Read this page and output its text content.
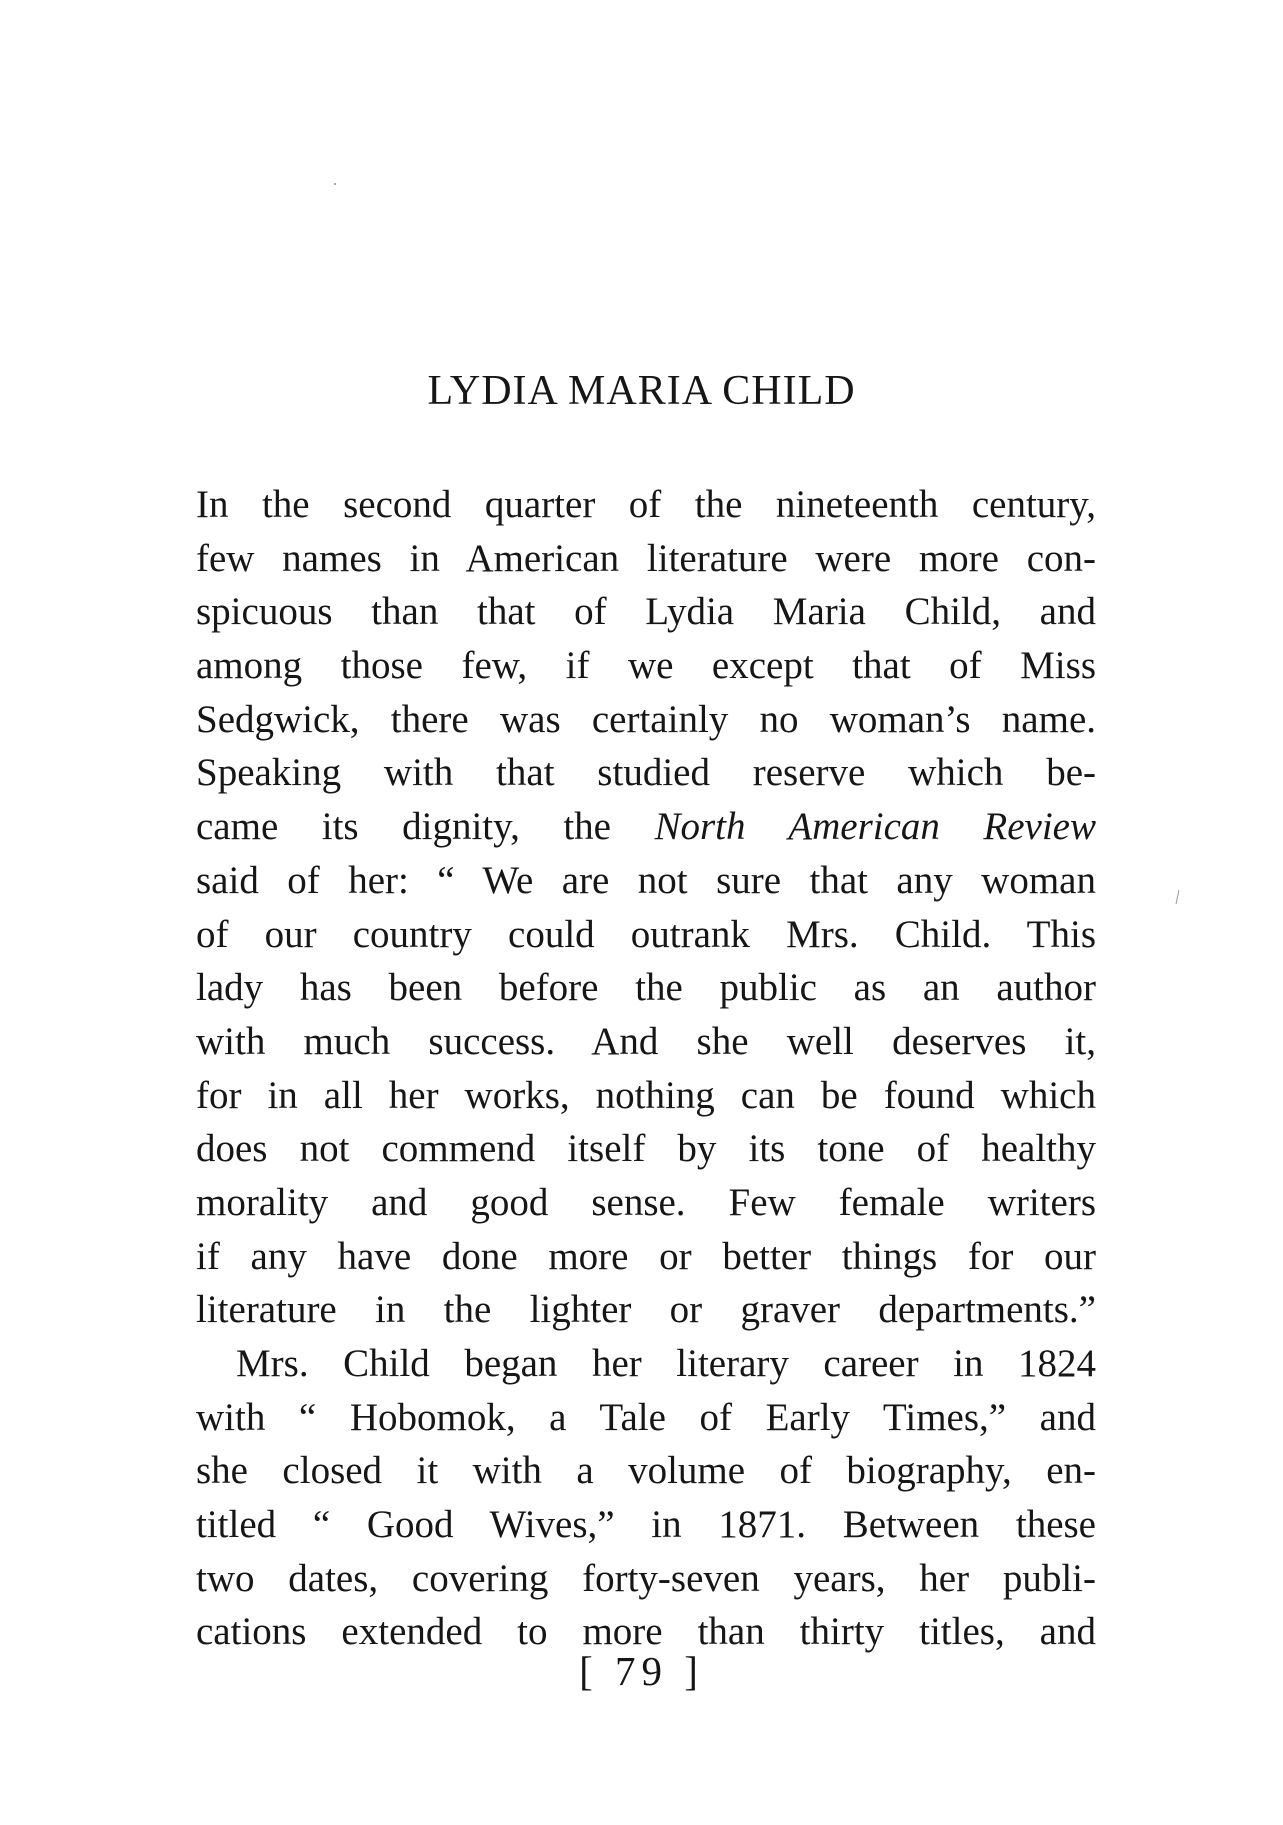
LYDIA MARIA CHILD
In the second quarter of the nineteenth century,
few names in American literature were more con-
spicuous than that of Lydia Maria Child, and
among those few, if we except that of Miss
Sedgwick, there was certainly no woman’s name.
Speaking with that studied reserve which be-
came its dignity, the North American Review
said of her: “ We are not sure that any woman
of our country could outrank Mrs. Child. This
lady has been before the public as an author
with much success. And she well deserves it,
for in all her works, nothing can be found which
does not commend itself by its tone of healthy
morality and good sense. Few female writers
if any have done more or better things for our
literature in the lighter or graver departments.”
Mrs. Child began her literary career in 1824
with “ Hobomok, a Tale of Early Times,” and
she closed it with a volume of biography, en-
titled “ Good Wives,” in 1871. Between these
two dates, covering forty-seven years, her publi-
cations extended to more than thirty titles, and
[ 79 ]
